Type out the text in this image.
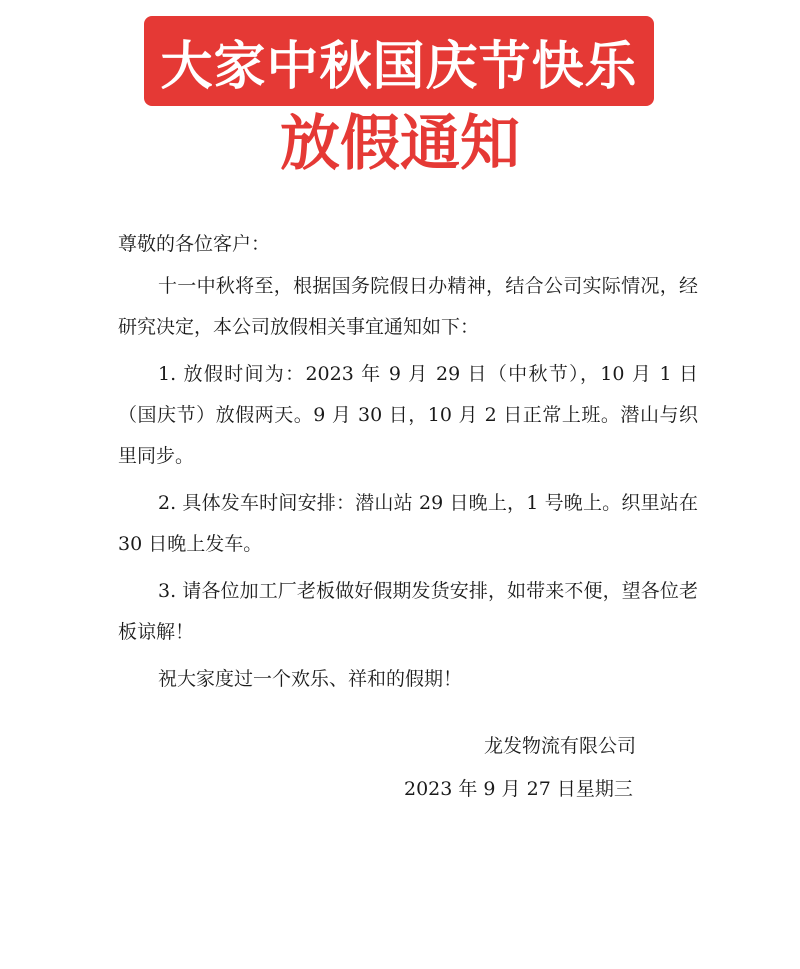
大家中秋国庆节快乐
放假通知

尊敬的各位客户：

十一中秋将至，根据国务院假日办精神，结合公司实际情况，经研究决定，本公司放假相关事宜通知如下：

1. 放假时间为：2023 年 9 月 29 日（中秋节），10 月 1 日（国庆节）放假两天。9 月 30 日，10 月 2 日正常上班。潜山与织里同步。

2. 具体发车时间安排：潜山站 29 日晚上，1 号晚上。织里站在 30 日晚上发车。

3. 请各位加工厂老板做好假期发货安排，如带来不便，望各位老板谅解！

祝大家度过一个欢乐、祥和的假期！

龙发物流有限公司
2023 年 9 月 27 日星期三
